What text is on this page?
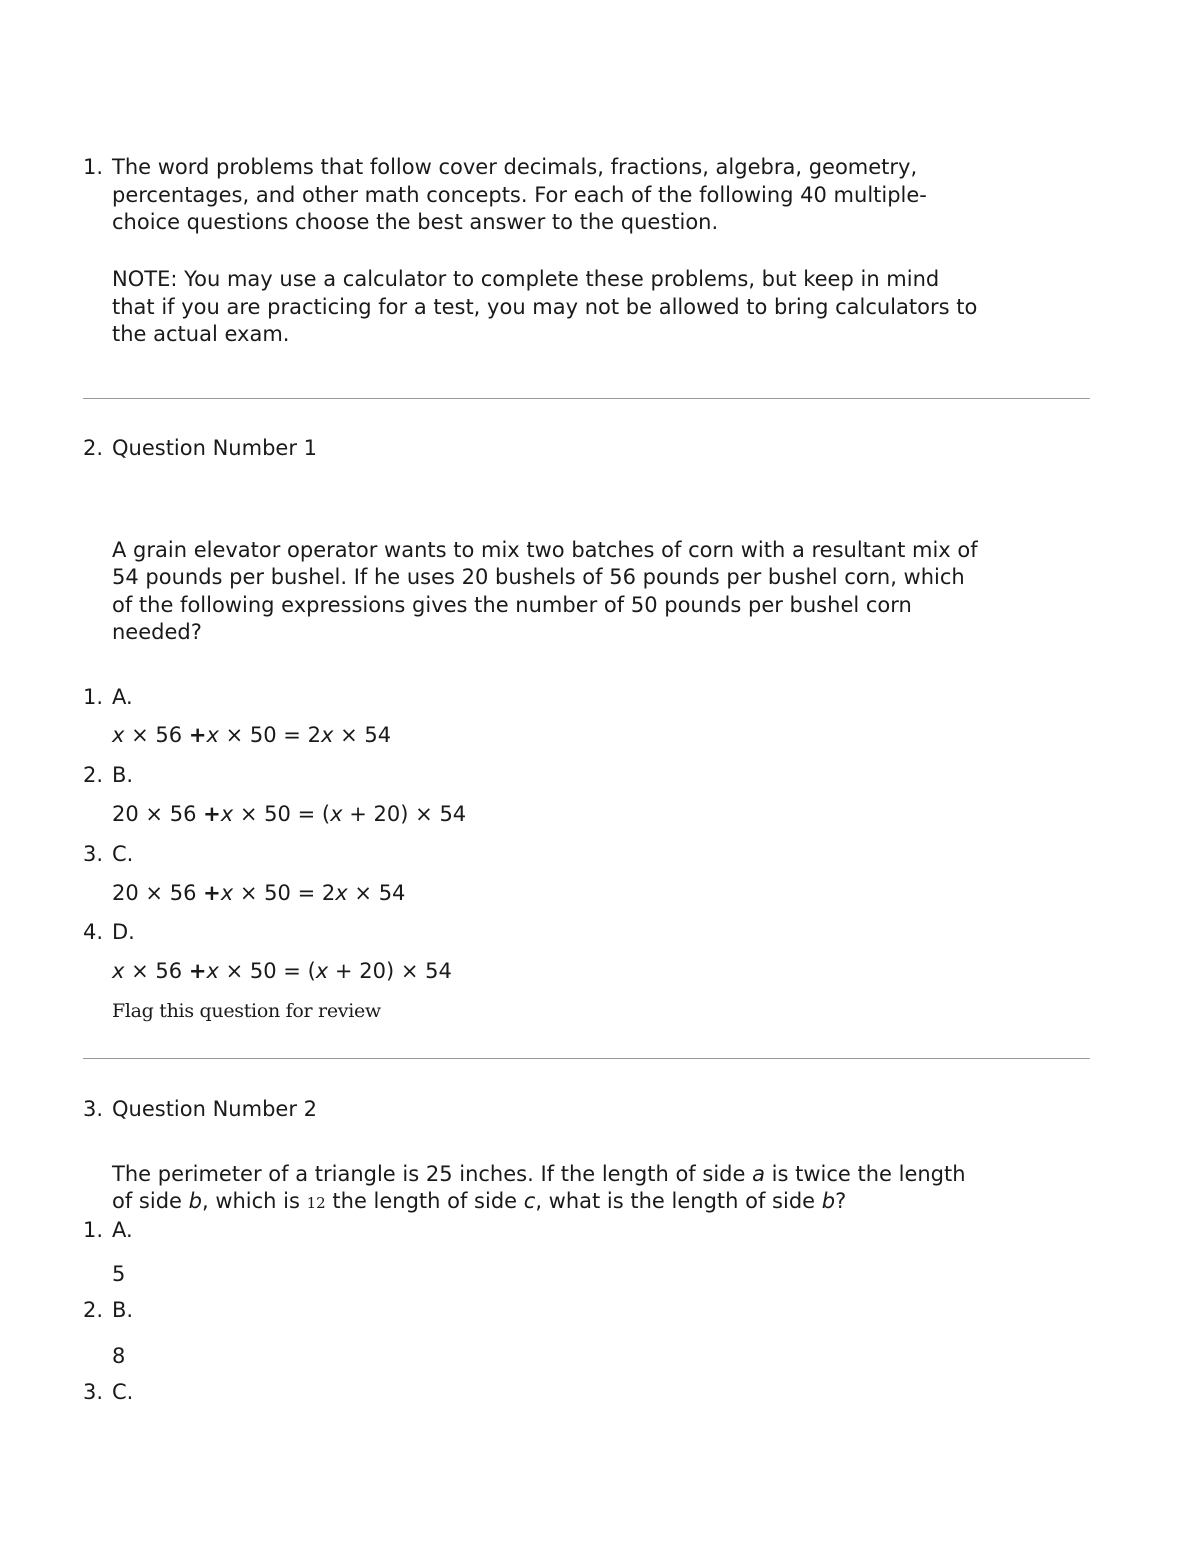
1. The word problems that follow cover decimals, fractions, algebra, geometry,
percentages, and other math concepts. For each of the following 40 multiple-
choice questions choose the best answer to the question.
NOTE: You may use a calculator to complete these problems, but keep in mind
that if you are practicing for a test, you may not be allowed to bring calculators to
the actual exam.
2. Question Number 1
A grain elevator operator wants to mix two batches of corn with a resultant mix of
54 pounds per bushel. If he uses 20 bushels of 56 pounds per bushel corn, which
of the following expressions gives the number of 50 pounds per bushel corn
needed?
1. A.
x × 56 +x × 50 = 2x × 54
2. B.
20 × 56 +x × 50 = (x + 20) × 54
3. C.
20 × 56 +x × 50 = 2x × 54
4. D.
x × 56 +x × 50 = (x + 20) × 54
Flag this question for review
3. Question Number 2
The perimeter of a triangle is 25 inches. If the length of side a is twice the length
of side b, which is 12 the length of side c, what is the length of side b?
1. A.
5
2. B.
8
3. C.
